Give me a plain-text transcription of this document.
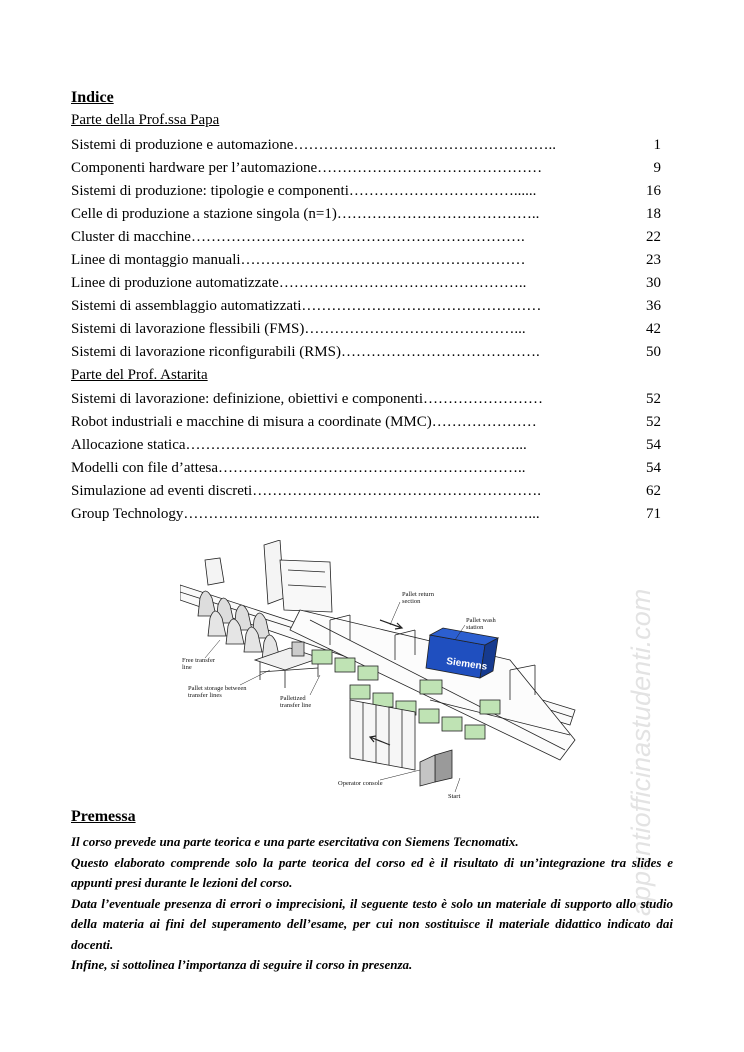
Indice
Parte della Prof.ssa Papa
Sistemi di produzione e automazione……………………………………………..	1
Componenti hardware per l’automazione………………………………………	9
Sistemi di produzione: tipologie e componenti……………………………......	16
Celle di produzione a stazione singola (n=1)…………………………………..	18
Cluster di macchine………………………………………………………….	22
Linee di montaggio manuali…………………………………………………	23
Linee di produzione automatizzate…………………………………………..	30
Sistemi di assemblaggio automatizzati…………………………………………	36
Sistemi di lavorazione flessibili (FMS)……………………………………...	42
Sistemi di lavorazione riconfigurabili (RMS)………………………………….	50
Parte del Prof. Astarita
Sistemi di lavorazione: definizione, obiettivi e componenti……………………	52
Robot industriali e macchine di misura a coordinate (MMC)…………………	52
Allocazione statica…………………………………………………………...	54
Modelli con file d’attesa……………………………………………………..	54
Simulazione ad eventi discreti………………………………………………….	62
Group Technology……………………………………………………………...	71
Siemens
Pallet return section
Pallet wash station
Free transfer line
Pallet storage between transfer lines	Palletized transfer line
Operator console
Start	appuntiofficinastudenti.com
Premessa

Il corso prevede una parte teorica e una parte esercitativa con Siemens Tecnomatix.

Questo elaborato comprende solo la parte teorica del corso ed è il risultato di un’integrazione tra slides e appunti presi durante le lezioni del corso.

Data l’eventuale presenza di errori o imprecisioni, il seguente testo è solo un materiale di supporto allo studio della materia ai fini del superamento dell’esame, per cui non sostituisce il materiale didattico indicato dai docenti.

Infine, si sottolinea l’importanza di seguire il corso in presenza.
